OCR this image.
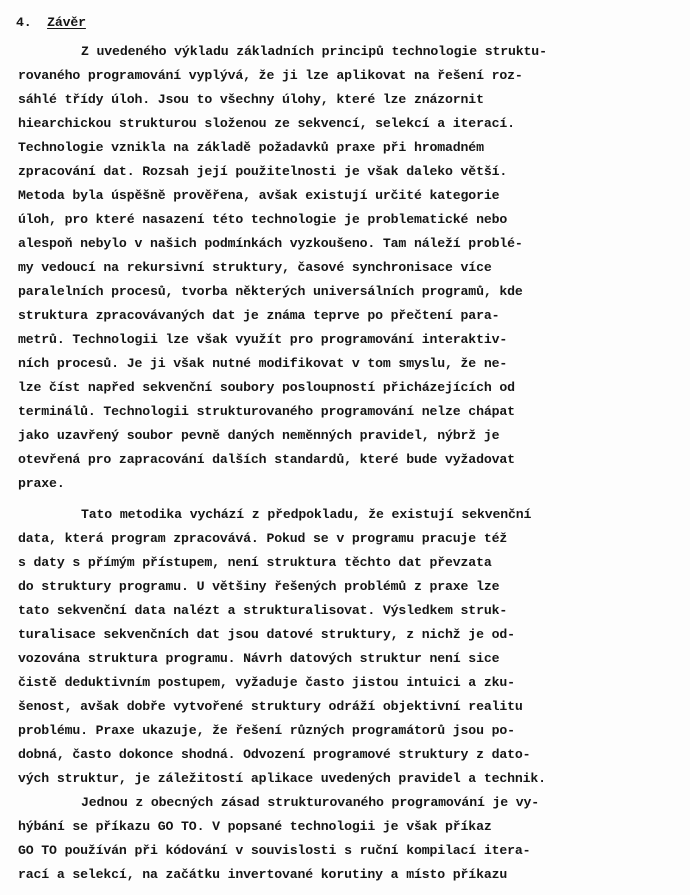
4. Závěr
Z uvedeného výkladu základních principů technologie struktu-
rovaného programování vyplývá, že ji lze aplikovat na řešení roz-
sáhlé třídy úloh. Jsou to všechny úlohy, které lze znázornit
hiearchickou strukturou složenou ze sekvencí, selekcí a iterací.
Technologie vznikla na základě požadavků praxe při hromadném
zpracování dat. Rozsah její použitelnosti je však daleko větší.
Metoda byla úspěšně prověřena, avšak existují určité kategorie
úloh, pro které nasazení této technologie je problematické nebo
alespoň nebylo v našich podmínkách vyzkoušeno. Tam náleží problé-
my vedoucí na rekursivní struktury, časové synchronisace více
paralelních procesů, tvorba některých universálních programů, kde
struktura zpracovávaných dat je známa teprve po přečtení para-
metrů. Technologii lze však využít pro programování interaktiv-
ních procesů. Je ji však nutné modifikovat v tom smyslu, že ne-
lze číst napřed sekvenční soubory posloupností přicházejících od
terminálů. Technologii strukturovaného programování nelze chápat
jako uzavřený soubor pevně daných neměnných pravidel, nýbrž je
otevřená pro zapracování dalších standardů, které bude vyžadovat
praxe.
Tato metodika vychází z předpokladu, že existují sekvenční
data, která program zpracovává. Pokud se v programu pracuje též
s daty s přímým přístupem, není struktura těchto dat převzata
do struktury programu. U většiny řešených problémů z praxe lze
tato sekvenční data nalézt a strukturalisovat. Výsledkem struk-
turalisace sekvenčních dat jsou datové struktury, z nichž je od-
vozována struktura programu. Návrh datových struktur není sice
čistě deduktivním postupem, vyžaduje často jistou intuici a zku-
šenost, avšak dobře vytvořené struktury odráží objektivní realitu
problému. Praxe ukazuje, že řešení různých programátorů jsou po-
dobná, často dokonce shodná. Odvození programové struktury z dato-
vých struktur, je záležitostí aplikace uvedených pravidel a technik.
Jednou z obecných zásad strukturovaného programování je vy-
hýbání se příkazu GO TO. V popsané technologii je však příkaz
GO TO používán při kódování v souvislosti s ruční kompilací itera-
rací a selekcí, na začátku invertované korutiny a místo příkazu
